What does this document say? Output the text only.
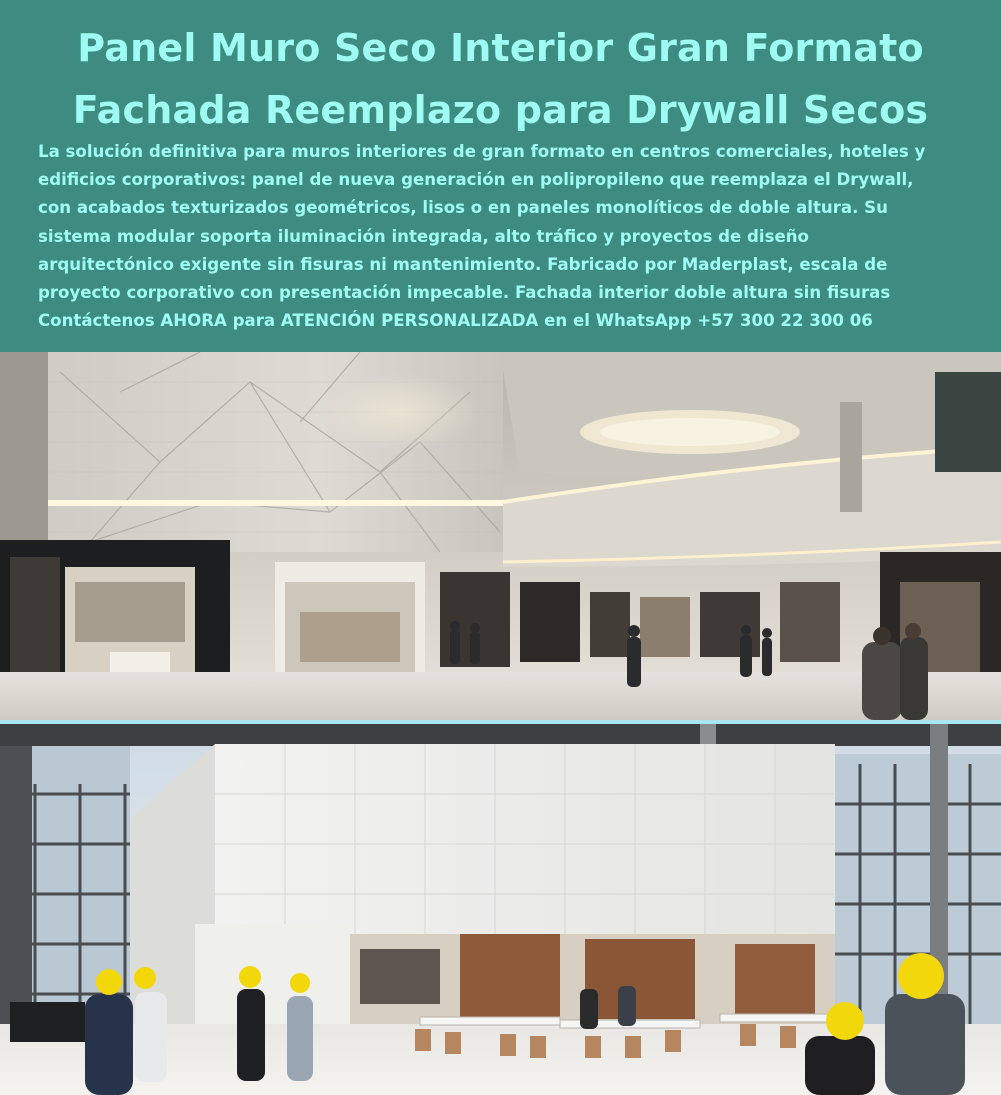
Panel Muro Seco Interior Gran Formato
Fachada Reemplazo para Drywall Secos
La solución definitiva para muros interiores de gran formato en centros comerciales, hoteles y
edificios corporativos: panel de nueva generación en polipropileno que reemplaza el Drywall,
con acabados texturizados geométricos, lisos o en paneles monolíticos de doble altura. Su
sistema modular soporta iluminación integrada, alto tráfico y proyectos de diseño
arquitectónico exigente sin fisuras ni mantenimiento. Fabricado por Maderplast, escala de
proyecto corporativo con presentación impecable. Fachada interior doble altura sin fisuras
Contáctenos AHORA para ATENCIÓN PERSONALIZADA en el WhatsApp +57 300 22 300 06
